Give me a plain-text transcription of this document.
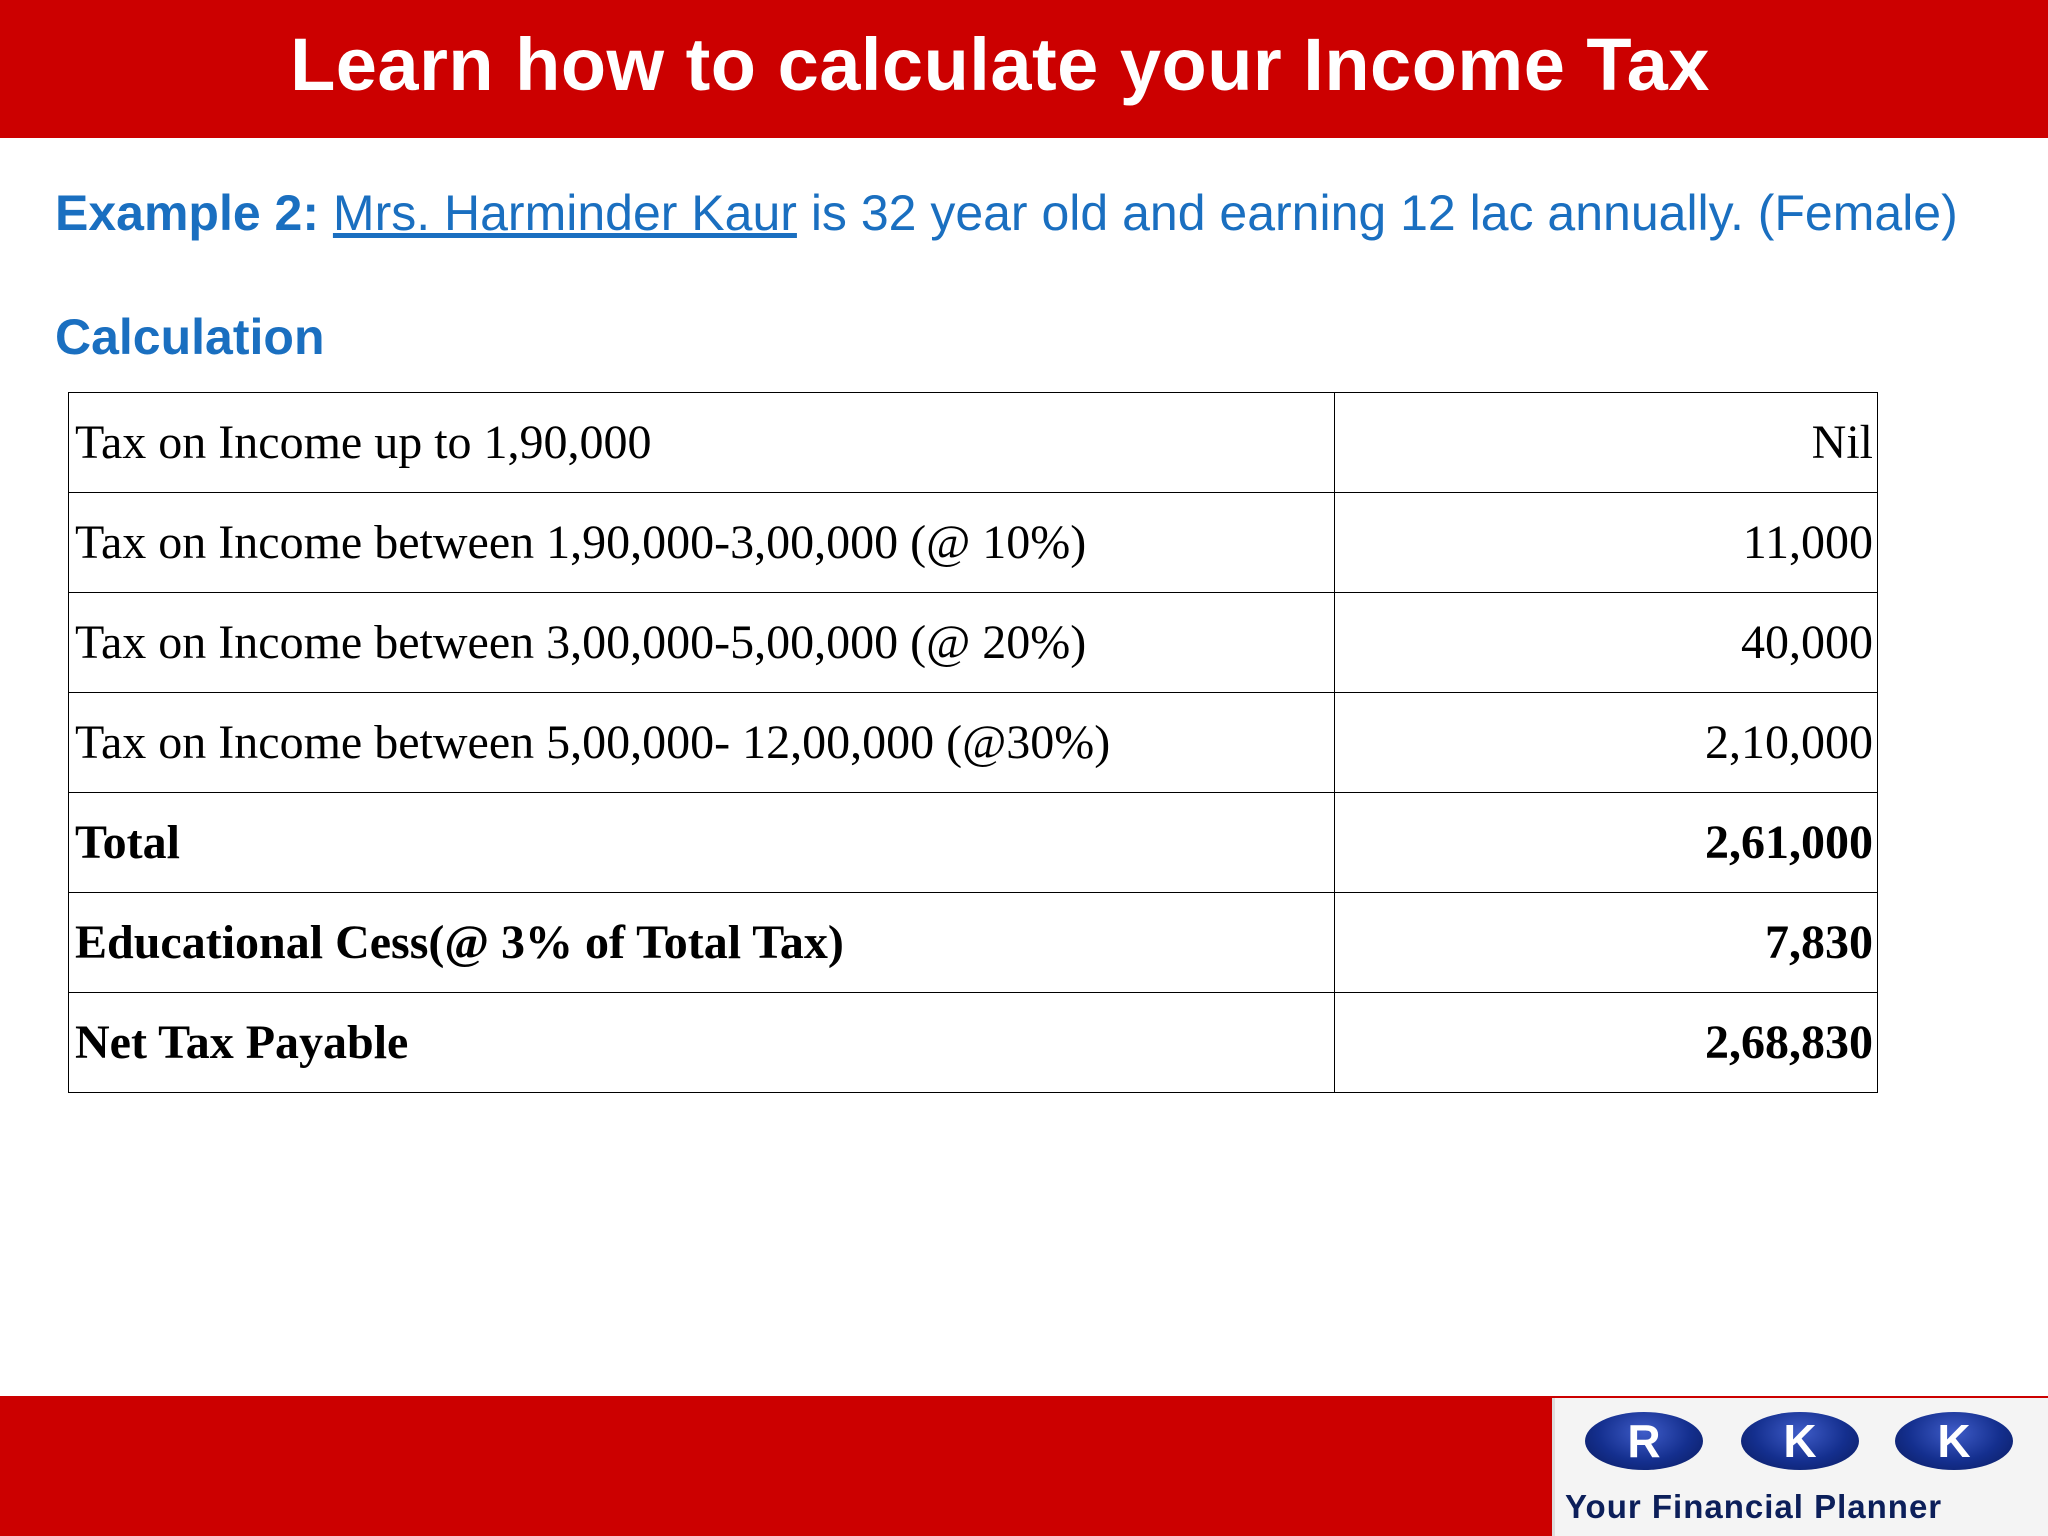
Learn how to calculate your Income Tax
Example 2: Mrs. Harminder Kaur is 32 year old and earning 12 lac annually. (Female)
Calculation
Tax on Income up to 1,90,000	Nil
Tax on Income between 1,90,000-3,00,000 (@ 10%)	11,000
Tax on Income between 3,00,000-5,00,000 (@ 20%)	40,000
Tax on Income between 5,00,000- 12,00,000 (@30%)	2,10,000
Total	2,61,000
Educational Cess(@ 3% of Total Tax)	7,830
Net Tax Payable	2,68,830
R	K	K
Your Financial Planner
